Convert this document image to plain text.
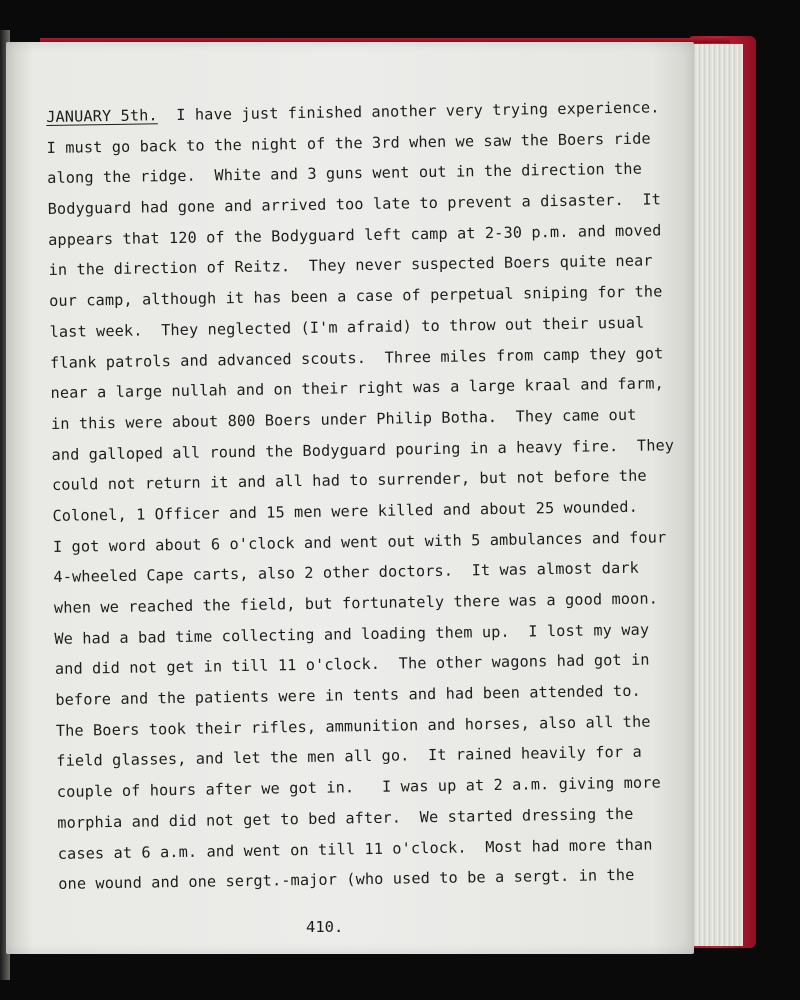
JANUARY 5th.  I have just finished another very trying experience.
I must go back to the night of the 3rd when we saw the Boers ride
along the ridge.  White and 3 guns went out in the direction the
Bodyguard had gone and arrived too late to prevent a disaster.  It
appears that 120 of the Bodyguard left camp at 2-30 p.m. and moved
in the direction of Reitz.  They never suspected Boers quite near
our camp, although it has been a case of perpetual sniping for the
last week.  They neglected (I'm afraid) to throw out their usual
flank patrols and advanced scouts.  Three miles from camp they got
near a large nullah and on their right was a large kraal and farm,
in this were about 800 Boers under Philip Botha.  They came out
and galloped all round the Bodyguard pouring in a heavy fire.  They
could not return it and all had to surrender, but not before the
Colonel, 1 Officer and 15 men were killed and about 25 wounded.
I got word about 6 o'clock and went out with 5 ambulances and four
4-wheeled Cape carts, also 2 other doctors.  It was almost dark
when we reached the field, but fortunately there was a good moon.
We had a bad time collecting and loading them up.  I lost my way
and did not get in till 11 o'clock.  The other wagons had got in
before and the patients were in tents and had been attended to.
The Boers took their rifles, ammunition and horses, also all the
field glasses, and let the men all go.  It rained heavily for a
couple of hours after we got in.   I was up at 2 a.m. giving more
morphia and did not get to bed after.  We started dressing the
cases at 6 a.m. and went on till 11 o'clock.  Most had more than
one wound and one sergt.-major (who used to be a sergt. in the
410.
